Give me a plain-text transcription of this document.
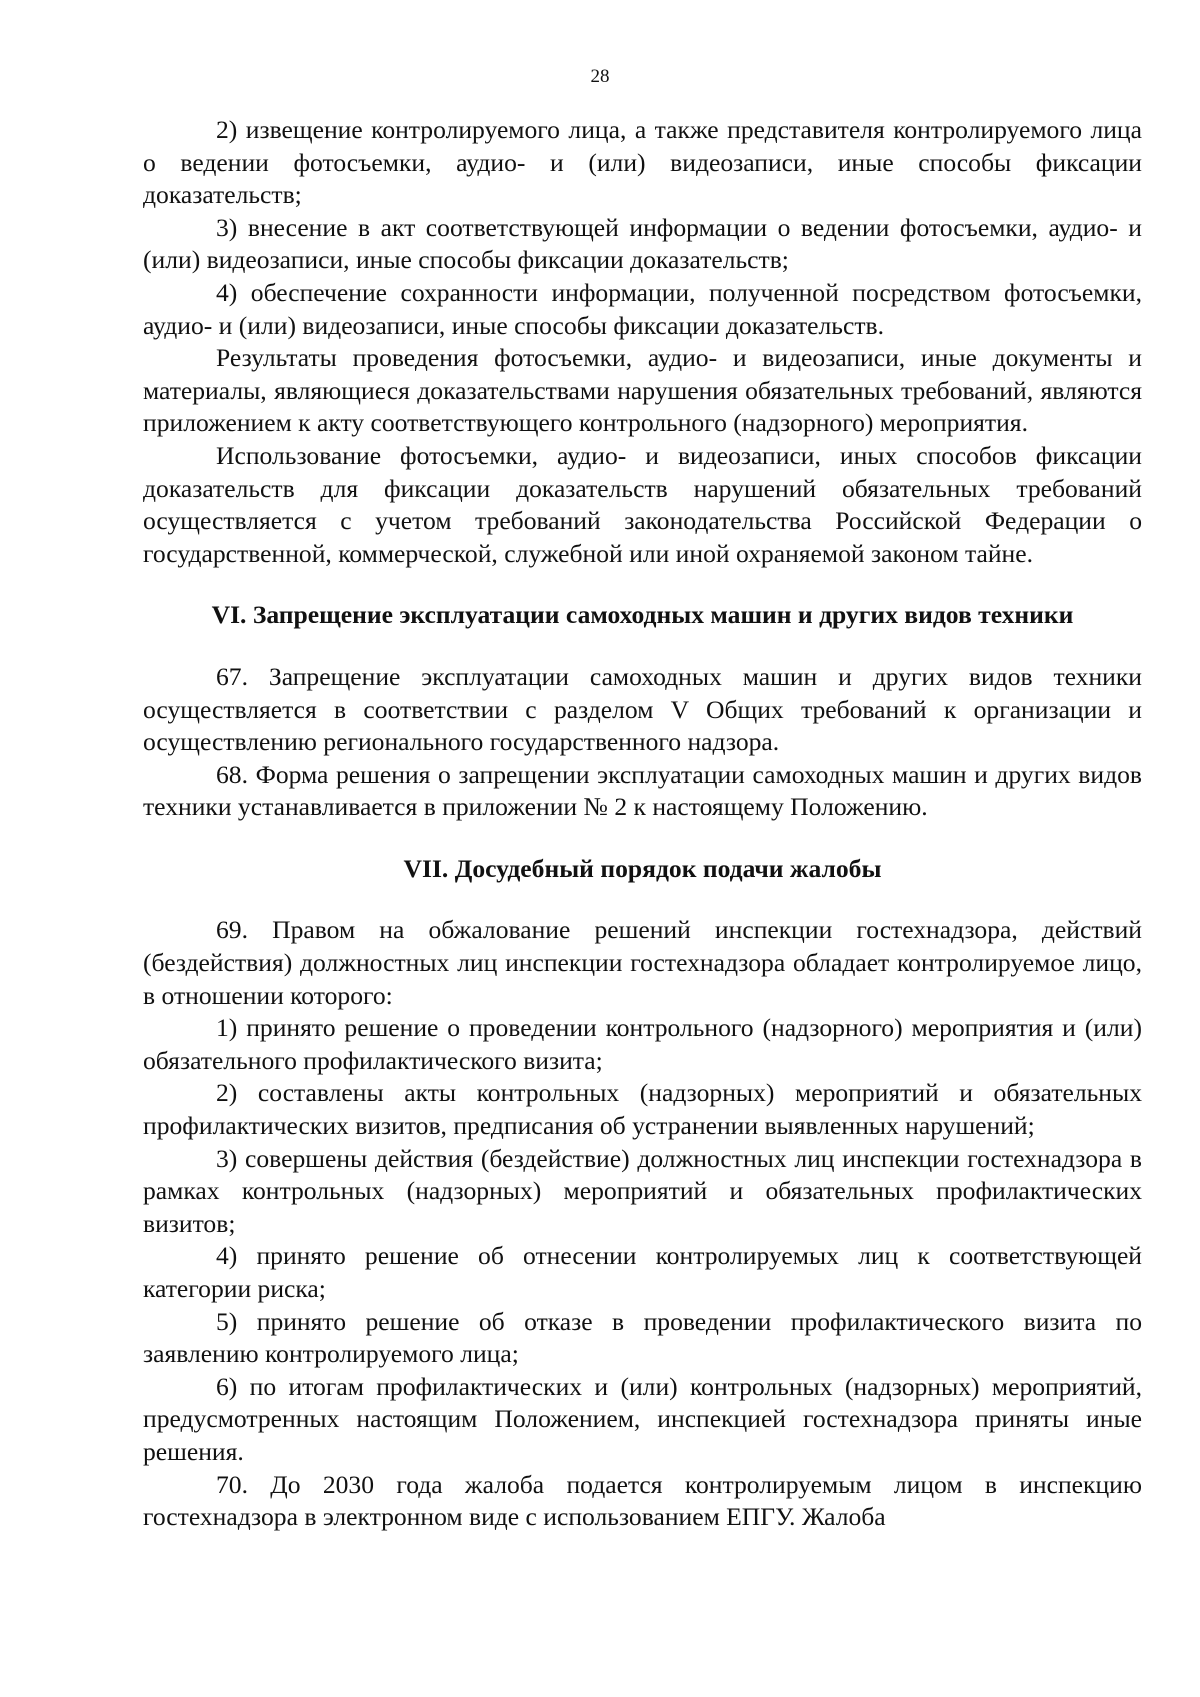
28

2) извещение контролируемого лица, а также представителя контролируемого лица о ведении фотосъемки, аудио- и (или) видеозаписи, иные способы фиксации доказательств;

3) внесение в акт соответствующей информации о ведении фотосъемки, аудио- и (или) видеозаписи, иные способы фиксации доказательств;

4) обеспечение сохранности информации, полученной посредством фотосъемки, аудио- и (или) видеозаписи, иные способы фиксации доказательств.

Результаты проведения фотосъемки, аудио- и видеозаписи, иные документы и материалы, являющиеся доказательствами нарушения обязательных требований, являются приложением к акту соответствующего контрольного (надзорного) мероприятия.

Использование фотосъемки, аудио- и видеозаписи, иных способов фиксации доказательств для фиксации доказательств нарушений обязательных требований осуществляется с учетом требований законодательства Российской Федерации о государственной, коммерческой, служебной или иной охраняемой законом тайне.

VI. Запрещение эксплуатации самоходных машин и других видов техники

67. Запрещение эксплуатации самоходных машин и других видов техники осуществляется в соответствии с разделом V Общих требований к организации и осуществлению регионального государственного надзора.

68. Форма решения о запрещении эксплуатации самоходных машин и других видов техники устанавливается в приложении № 2 к настоящему Положению.

VII. Досудебный порядок подачи жалобы

69. Правом на обжалование решений инспекции гостехнадзора, действий (бездействия) должностных лиц инспекции гостехнадзора обладает контролируемое лицо, в отношении которого:

1) принято решение о проведении контрольного (надзорного) мероприятия и (или) обязательного профилактического визита;

2) составлены акты контрольных (надзорных) мероприятий и обязательных профилактических визитов, предписания об устранении выявленных нарушений;

3) совершены действия (бездействие) должностных лиц инспекции гостехнадзора в рамках контрольных (надзорных) мероприятий и обязательных профилактических визитов;

4) принято решение об отнесении контролируемых лиц к соответствующей категории риска;

5) принято решение об отказе в проведении профилактического визита по заявлению контролируемого лица;

6) по итогам профилактических и (или) контрольных (надзорных) мероприятий, предусмотренных настоящим Положением, инспекцией гостехнадзора приняты иные решения.

70. До 2030 года жалоба подается контролируемым лицом в инспекцию гостехнадзора в электронном виде с использованием ЕПГУ. Жалоба
